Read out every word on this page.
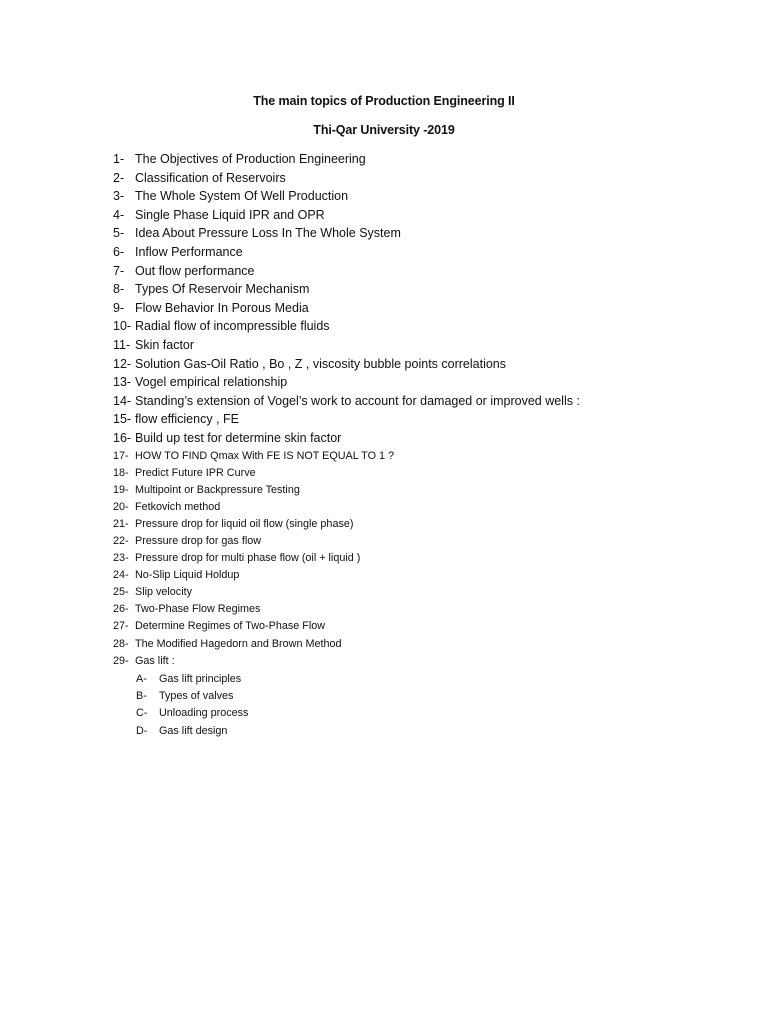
The main topics of Production Engineering II
Thi-Qar University -2019
1- The Objectives of Production Engineering
2- Classification of Reservoirs
3- The Whole System Of Well Production
4- Single Phase Liquid IPR and OPR
5- Idea About Pressure Loss In The Whole System
6- Inflow Performance
7- Out flow performance
8- Types Of Reservoir Mechanism
9- Flow Behavior In Porous Media
10- Radial flow of incompressible fluids
11- Skin factor
12- Solution Gas-Oil Ratio , Bo , Z , viscosity bubble points correlations
13- Vogel empirical relationship
14- Standing’s extension of Vogel’s work to account for damaged or improved wells :
15- flow efficiency , FE
16- Build up test for determine skin factor
17- HOW TO FIND Qmax With FE IS NOT EQUAL TO 1 ?
18- Predict Future IPR Curve
19- Multipoint or Backpressure Testing
20- Fetkovich method
21- Pressure drop for liquid oil flow (single phase)
22- Pressure drop for gas flow
23- Pressure drop for multi phase flow (oil + liquid )
24- No-Slip Liquid Holdup
25- Slip velocity
26- Two-Phase Flow Regimes
27- Determine Regimes of Two-Phase Flow
28- The Modified Hagedorn and Brown Method
29- Gas lift :
A-	Gas lift principles
B-	Types of valves
C-	Unloading process
D-	Gas lift design
